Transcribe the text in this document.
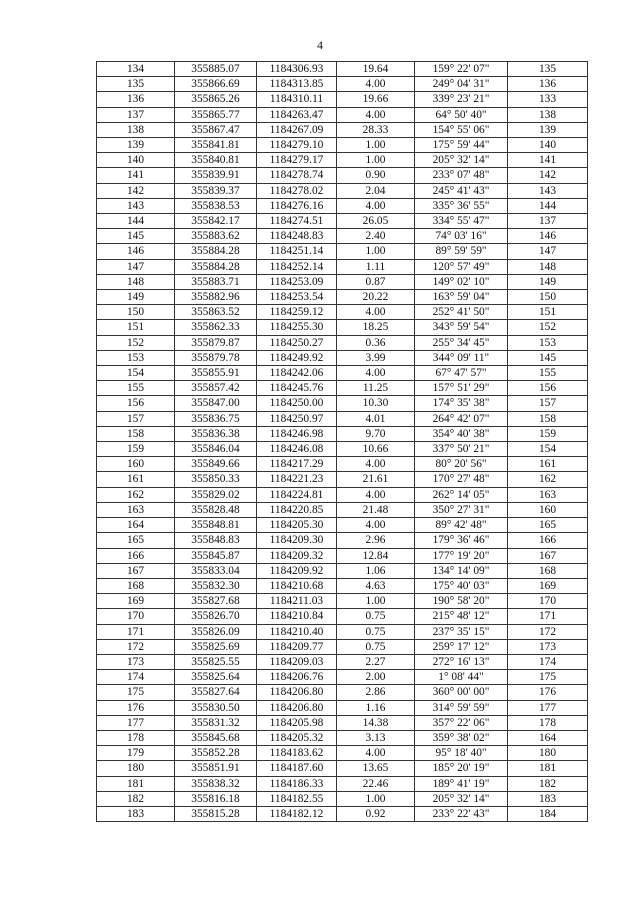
4
134	355885.07	1184306.93	19.64	159° 22' 07"	135
135	355866.69	1184313.85	4.00	249° 04' 31"	136
136	355865.26	1184310.11	19.66	339° 23' 21"	133
137	355865.77	1184263.47	4.00	64° 50' 40"	138
138	355867.47	1184267.09	28.33	154° 55' 06"	139
139	355841.81	1184279.10	1.00	175° 59' 44"	140
140	355840.81	1184279.17	1.00	205° 32' 14"	141
141	355839.91	1184278.74	0.90	233° 07' 48"	142
142	355839.37	1184278.02	2.04	245° 41' 43"	143
143	355838.53	1184276.16	4.00	335° 36' 55"	144
144	355842.17	1184274.51	26.05	334° 55' 47"	137
145	355883.62	1184248.83	2.40	74° 03' 16"	146
146	355884.28	1184251.14	1.00	89° 59' 59"	147
147	355884.28	1184252.14	1.11	120° 57' 49"	148
148	355883.71	1184253.09	0.87	149° 02' 10"	149
149	355882.96	1184253.54	20.22	163° 59' 04"	150
150	355863.52	1184259.12	4.00	252° 41' 50"	151
151	355862.33	1184255.30	18.25	343° 59' 54"	152
152	355879.87	1184250.27	0.36	255° 34' 45"	153
153	355879.78	1184249.92	3.99	344° 09' 11"	145
154	355855.91	1184242.06	4.00	67° 47' 57"	155
155	355857.42	1184245.76	11.25	157° 51' 29"	156
156	355847.00	1184250.00	10.30	174° 35' 38"	157
157	355836.75	1184250.97	4.01	264° 42' 07"	158
158	355836.38	1184246.98	9.70	354° 40' 38"	159
159	355846.04	1184246.08	10.66	337° 50' 21"	154
160	355849.66	1184217.29	4.00	80° 20' 56"	161
161	355850.33	1184221.23	21.61	170° 27' 48"	162
162	355829.02	1184224.81	4.00	262° 14' 05"	163
163	355828.48	1184220.85	21.48	350° 27' 31"	160
164	355848.81	1184205.30	4.00	89° 42' 48"	165
165	355848.83	1184209.30	2.96	179° 36' 46"	166
166	355845.87	1184209.32	12.84	177° 19' 20"	167
167	355833.04	1184209.92	1.06	134° 14' 09"	168
168	355832.30	1184210.68	4.63	175° 40' 03"	169
169	355827.68	1184211.03	1.00	190° 58' 20"	170
170	355826.70	1184210.84	0.75	215° 48' 12"	171
171	355826.09	1184210.40	0.75	237° 35' 15"	172
172	355825.69	1184209.77	0.75	259° 17' 12"	173
173	355825.55	1184209.03	2.27	272° 16' 13"	174
174	355825.64	1184206.76	2.00	1° 08' 44"	175
175	355827.64	1184206.80	2.86	360° 00' 00"	176
176	355830.50	1184206.80	1.16	314° 59' 59"	177
177	355831.32	1184205.98	14.38	357° 22' 06"	178
178	355845.68	1184205.32	3.13	359° 38' 02"	164
179	355852.28	1184183.62	4.00	95° 18' 40"	180
180	355851.91	1184187.60	13.65	185° 20' 19"	181
181	355838.32	1184186.33	22.46	189° 41' 19"	182
182	355816.18	1184182.55	1.00	205° 32' 14"	183
183	355815.28	1184182.12	0.92	233° 22' 43"	184
